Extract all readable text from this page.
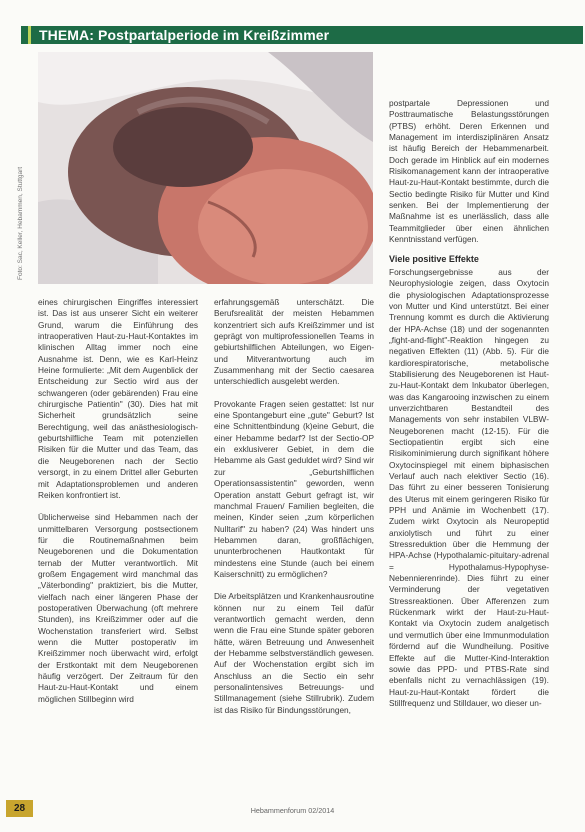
THEMA: Postpartalperiode im Kreißzimmer
Foto: Sac, Keller, Hebammen, Stuttgart

eines chirurgischen Eingriffes interessiert ist. Das ist aus unserer Sicht ein weiterer Grund, warum die Einführung des intraoperativen Haut-zu-Haut-Kontaktes im klinischen Alltag immer noch eine Ausnahme ist. Denn, wie es Karl-Heinz Heine formulierte: „Mit dem Augenblick der Entscheidung zur Sectio wird aus der schwangeren (oder gebärenden) Frau eine chirurgische Patientin" (30). Dies hat mit Sicherheit grundsätzlich seine Berechtigung, weil das anästhesiologisch-geburtshilfliche Team mit potenziellen Risiken für die Mutter und das Team, das die Neugeborenen nach der Sectio versorgt, in zu einem Drittel aller Geburten mit Adaptationsproblemen und anderen Reiken konfrontiert ist.

Üblicherweise sind Hebammen nach der unmittelbaren Versorgung postsectionem für die Routinemaßnahmen beim Neugeborenen und die Dokumentation ternab der Mutter verantwortlich. Mit großem Engagement wird manchmal das „Väterbonding" praktiziert, bis die Mutter, vielfach nach einer längeren Phase der postoperativen Überwachung (oft mehrere Stunden), ins Kreißzimmer oder auf die Wochenstation transferiert wird. Selbst wenn die Mutter postoperativ im Kreißzimmer noch überwacht wird, erfolgt der Erstkontakt mit dem Neugeborenen häufig verzögert. Der Zeitraum für den Haut-zu-Haut-Kontakt und einem möglichen Stillbeginn wird

erfahrungsgemäß unterschätzt. Die Berufsrealität der meisten Hebammen konzentriert sich aufs Kreißzimmer und ist geprägt von multiprofessionellen Teams in gebiurtshilflichen Abteilungen, wo Eigen- und Mitverantwortung auch im Zusammenhang mit der Sectio caesarea unterschiedlich ausgelebt werden.

Provokante Fragen seien gestattet: Ist nur eine Spontangeburt eine „gute" Geburt? Ist eine Schnittentbindung (k)eine Geburt, die einer Hebamme bedarf? Ist der Sectio-OP ein exklusiverer Gebiet, in dem die Hebamme als Gast geduldet wird? Sind wir zur „Geburtshilflichen Operationsassistentin" geworden, wenn Operation anstatt Geburt gefragt ist, wir manchmal Frauen/ Familien begleiten, die meinen, Kinder seien „zum körperlichen Nulltarif" zu haben? (24) Was hindert uns Hebammen daran, großflächigen, ununterbrochenen Hautkontakt für mindestens eine Stunde (auch bei einem Kaiserschnitt) zu ermöglichen?

Die Arbeitsplätzen und Krankenhausroutine können nur zu einem Teil dafür verantwortlich gemacht werden, denn wenn die Frau eine Stunde später geboren hätte, wären Betreuung und Anwesenheit der Hebamme selbstverständlich gewesen. Auf der Wochenstation ergibt sich im Anschluss an die Sectio ein sehr personalintensives Betreuungs- und Stillmanagement (siehe Stillrubrik). Zudem ist das Risiko für Bindungsstörungen,

postpartale Depressionen und Posttraumatische Belastungsstörungen (PTBS) erhöht. Deren Erkennen und Management im interdisziplinären Ansatz ist häufig Bereich der Hebammenarbeit. Doch gerade im Hinblick auf ein modernes Risikomanagement kann der intraoperative Haut-zu-Haut-Kontakt bestimmte, durch die Sectio bedingte Risiko für Mutter und Kind senken. Bei der Implementierung der Maßnahme ist es unerlässlich, dass alle Teammitglieder über einen ähnlichen Kenntnisstand verfügen.

Viele positive Effekte

Forschungsergebnisse aus der Neurophysiologie zeigen, dass Oxytocin die physiologischen Adaptationsprozesse von Mutter und Kind unterstützt. Bei einer Trennung kommt es durch die Aktivierung der HPA-Achse (18) und der sogenannten „fight-and-flight"-Reaktion hingegen zu negativen Effekten (11) (Abb. 5). Für die kardiorespiratorische, metabolische Stabilisierung des Neugeborenen ist Haut-zu-Haut-Kontakt dem Inkubator überlegen, was das Kangarooing inzwischen zu einem unverzichtbaren Bestandteil des Managements von sehr instabilen VLBW-Neugeborenen macht (12-15). Für die Sectiopatientin ergibt sich eine Risikominimierung durch signifikant höhere Oxytocinspiegel mit einem biphasischen Verlauf auch nach elektiver Sectio (16). Das führt zu einer besseren Tonisierung des Uterus mit einem geringeren Risiko für PPH und Anämie im Wochenbett (17). Zudem wirkt Oxytocin als Neuropeptid anxiolytisch und führt zu einer Stressreduktion über die Hemmung der HPA-Achse (Hypothalamic-pituitary-adrenal = Hypothalamus-Hypophyse-Nebennierenrinde). Dies führt zu einer Verminderung der vegetativen Stressreaktionen. Über Afferenzen zum Rückenmark wirkt der Haut-zu-Haut-Kontakt via Oxytocin zudem analgetisch und vermutlich über eine Immunmodulation fördernd auf die Wundheilung. Positive Effekte auf die Mutter-Kind-Interaktion sowie das PPD- und PTBS-Rate sind ebenfalls nicht zu vernachlässigen (19). Haut-zu-Haut-Kontakt fördert die Stillfrequenz und Stilldauer, wo dieser un-

28	Hebammenforum 02/2014
